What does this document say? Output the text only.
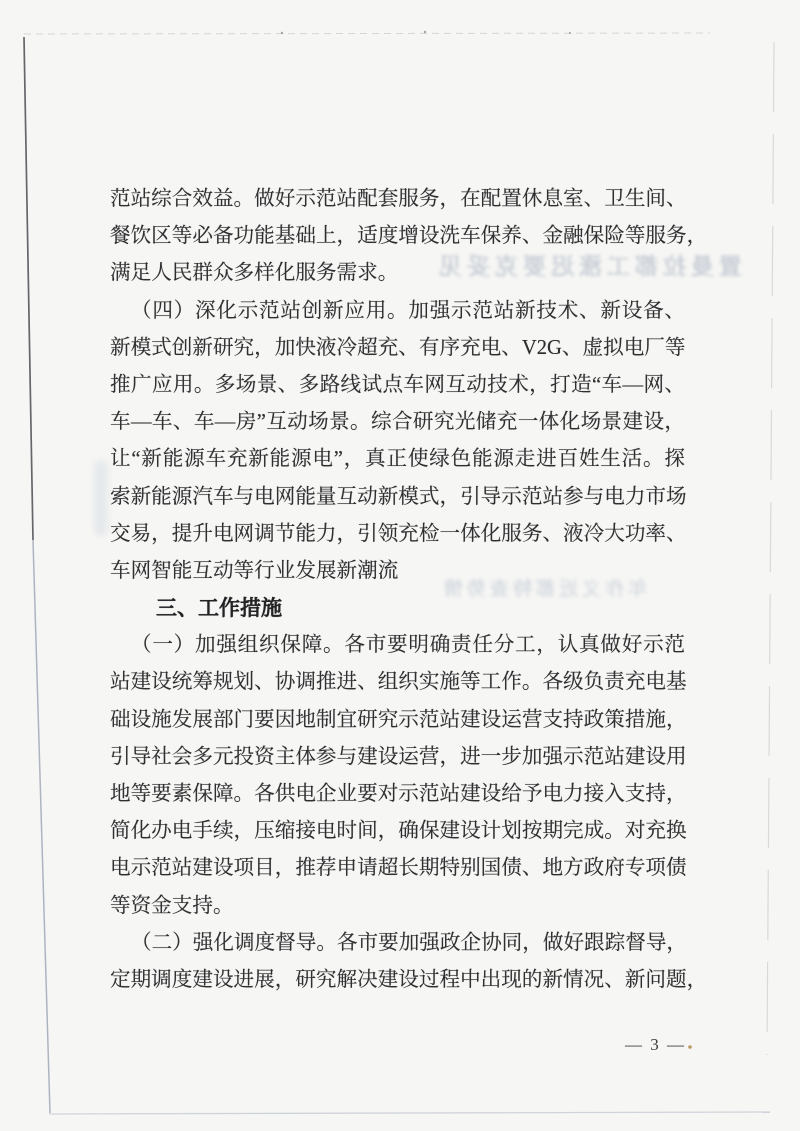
置曼拉都工涨迟要克妥见
年作义近都特查势情
范站综合效益。做好示范站配套服务，在配置休息室、卫生间、
餐饮区等必备功能基础上，适度增设洗车保养、金融保险等服务，
满足人民群众多样化服务需求。
（四）深化示范站创新应用。加强示范站新技术、新设备、
新模式创新研究，加快液冷超充、有序充电、V2G、虚拟电厂等
推广应用。多场景、多路线试点车网互动技术，打造“车—网、
车—车、车—房”互动场景。综合研究光储充一体化场景建设，
让“新能源车充新能源电”，真正使绿色能源走进百姓生活。探
索新能源汽车与电网能量互动新模式，引导示范站参与电力市场
交易，提升电网调节能力，引领充检一体化服务、液冷大功率、
车网智能互动等行业发展新潮流
三、工作措施
（一）加强组织保障。各市要明确责任分工，认真做好示范
站建设统筹规划、协调推进、组织实施等工作。各级负责充电基
础设施发展部门要因地制宜研究示范站建设运营支持政策措施，
引导社会多元投资主体参与建设运营，进一步加强示范站建设用
地等要素保障。各供电企业要对示范站建设给予电力接入支持，
简化办电手续，压缩接电时间，确保建设计划按期完成。对充换
电示范站建设项目，推荐申请超长期特别国债、地方政府专项债
等资金支持。
（二）强化调度督导。各市要加强政企协同，做好跟踪督导，
定期调度建设进展，研究解决建设过程中出现的新情况、新问题，
— 3 —
